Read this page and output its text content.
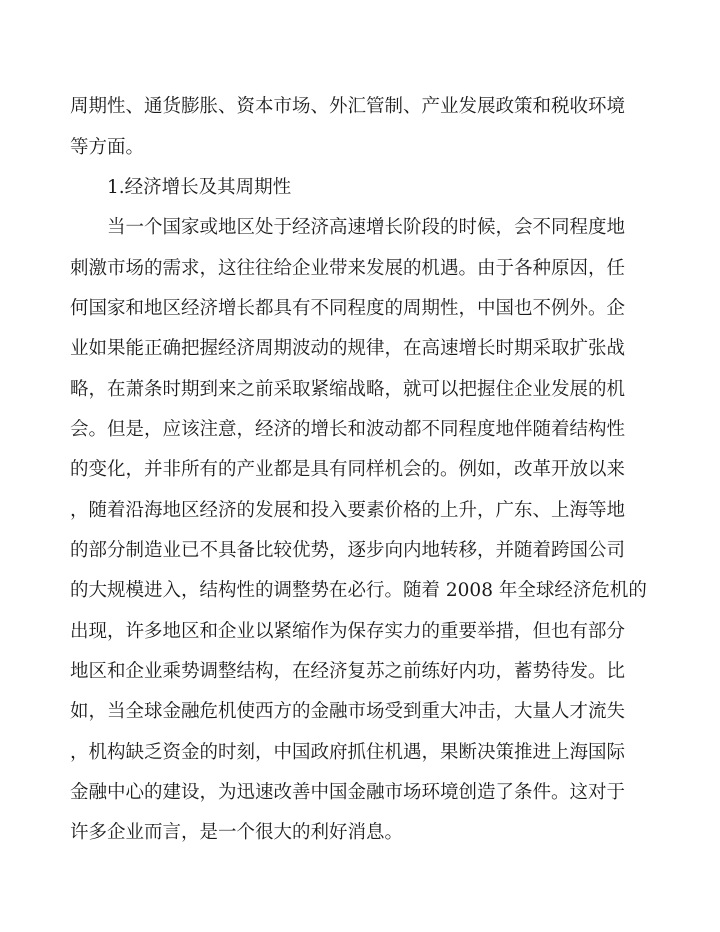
周期性、通货膨胀、资本市场、外汇管制、产业发展政策和税收环境
等方面。
1.经济增长及其周期性
当一个国家或地区处于经济高速增长阶段的时候，会不同程度地
刺激市场的需求，这往往给企业带来发展的机遇。由于各种原因，任
何国家和地区经济增长都具有不同程度的周期性，中国也不例外。企
业如果能正确把握经济周期波动的规律，在高速增长时期采取扩张战
略，在萧条时期到来之前采取紧缩战略，就可以把握住企业发展的机
会。但是，应该注意，经济的增长和波动都不同程度地伴随着结构性
的变化，并非所有的产业都是具有同样机会的。例如，改革开放以来
，随着沿海地区经济的发展和投入要素价格的上升，广东、上海等地
的部分制造业已不具备比较优势，逐步向内地转移，并随着跨国公司
的大规模进入，结构性的调整势在必行。随着 2008 年全球经济危机的
出现，许多地区和企业以紧缩作为保存实力的重要举措，但也有部分
地区和企业乘势调整结构，在经济复苏之前练好内功，蓄势待发。比
如，当全球金融危机使西方的金融市场受到重大冲击，大量人才流失
，机构缺乏资金的时刻，中国政府抓住机遇，果断决策推进上海国际
金融中心的建设，为迅速改善中国金融市场环境创造了条件。这对于
许多企业而言，是一个很大的利好消息。
